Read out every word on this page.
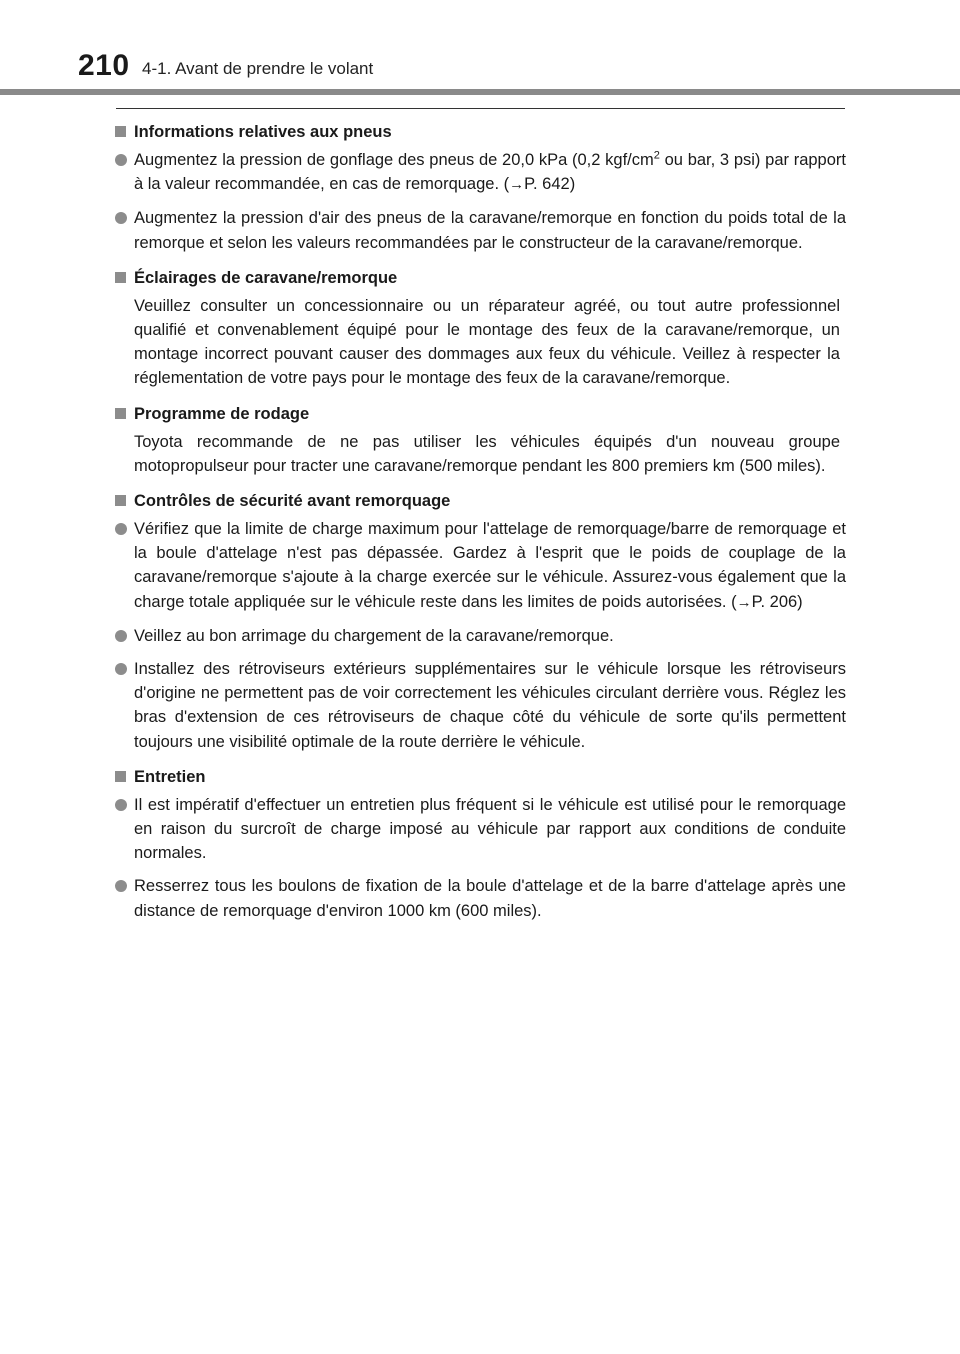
210 4-1. Avant de prendre le volant
Informations relatives aux pneus
Augmentez la pression de gonflage des pneus de 20,0 kPa (0,2 kgf/$cm^2$ ou bar, 3 psi) par rapport à la valeur recommandée, en cas de remorquage. (→P. 642)
Augmentez la pression d'air des pneus de la caravane/remorque en fonction du poids total de la remorque et selon les valeurs recommandées par le constructeur de la caravane/remorque.
Éclairages de caravane/remorque
Veuillez consulter un concessionnaire ou un réparateur agréé, ou tout autre professionnel qualifié et convenablement équipé pour le montage des feux de la caravane/remorque, un montage incorrect pouvant causer des dommages aux feux du véhicule. Veillez à respecter la réglementation de votre pays pour le montage des feux de la caravane/remorque.
Programme de rodage
Toyota recommande de ne pas utiliser les véhicules équipés d'un nouveau groupe motopropulseur pour tracter une caravane/remorque pendant les 800 premiers km (500 miles).
Contrôles de sécurité avant remorquage
Vérifiez que la limite de charge maximum pour l'attelage de remorquage/barre de remorquage et la boule d'attelage n'est pas dépassée. Gardez à l'esprit que le poids de couplage de la caravane/remorque s'ajoute à la charge exercée sur le véhicule. Assurez-vous également que la charge totale appliquée sur le véhicule reste dans les limites de poids autorisées. (→P. 206)
Veillez au bon arrimage du chargement de la caravane/remorque.
Installez des rétroviseurs extérieurs supplémentaires sur le véhicule lorsque les rétroviseurs d'origine ne permettent pas de voir correctement les véhicules circulant derrière vous. Réglez les bras d'extension de ces rétroviseurs de chaque côté du véhicule de sorte qu'ils permettent toujours une visibilité optimale de la route derrière le véhicule.
Entretien
Il est impératif d'effectuer un entretien plus fréquent si le véhicule est utilisé pour le remorquage en raison du surcroît de charge imposé au véhicule par rapport aux conditions de conduite normales.
Resserrez tous les boulons de fixation de la boule d'attelage et de la barre d'attelage après une distance de remorquage d'environ 1000 km (600 miles).
